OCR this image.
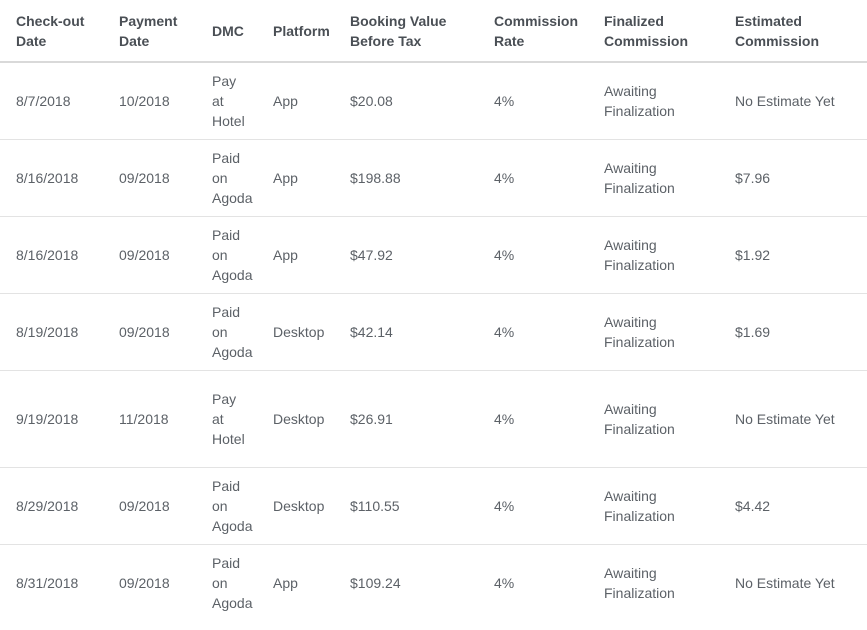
Check-out Date	Payment Date	DMC	Platform	Booking Value Before Tax	Commission Rate	Finalized Commission	Estimated Commission
8/7/2018	10/2018	Pay at Hotel	App	$20.08	4%	Awaiting Finalization	No Estimate Yet
8/16/2018	09/2018	Paid on Agoda	App	$198.88	4%	Awaiting Finalization	$7.96
8/16/2018	09/2018	Paid on Agoda	App	$47.92	4%	Awaiting Finalization	$1.92
8/19/2018	09/2018	Paid on Agoda	Desktop	$42.14	4%	Awaiting Finalization	$1.69
9/19/2018	11/2018	Pay at Hotel	Desktop	$26.91	4%	Awaiting Finalization	No Estimate Yet
8/29/2018	09/2018	Paid on Agoda	Desktop	$110.55	4%	Awaiting Finalization	$4.42
8/31/2018	09/2018	Paid on Agoda	App	$109.24	4%	Awaiting Finalization	No Estimate Yet
